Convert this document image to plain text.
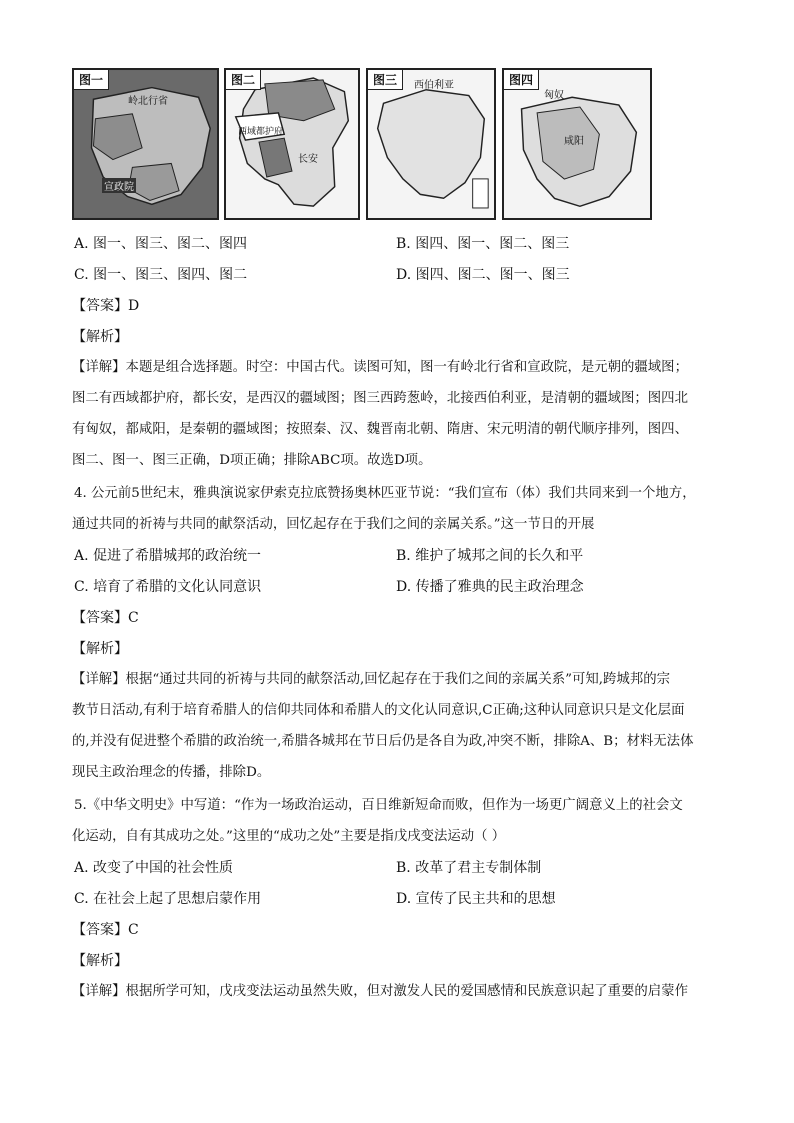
图一
岭北行省
宣政院
图二
西域都护府
长安
图三	西伯利亚	图四
匈奴
咸阳
A. 图一、图三、图二、图四	B. 图四、图一、图二、图三
C. 图一、图三、图四、图二	D. 图四、图二、图一、图三
【答案】D
【解析】
【详解】本题是组合选择题。时空：中国古代。读图可知，图一有岭北行省和宣政院，是元朝的疆域图；
图二有西域都护府，都长安，是西汉的疆域图；图三西跨葱岭，北接西伯利亚，是清朝的疆域图；图四北
有匈奴，都咸阳，是秦朝的疆域图；按照秦、汉、魏晋南北朝、隋唐、宋元明清的朝代顺序排列，图四、
图二、图一、图三正确，D项正确；排除ABC项。故选D项。
4. 公元前5世纪末，雅典演说家伊索克拉底赞扬奥林匹亚节说：“我们宣布（体）我们共同来到一个地方，
通过共同的祈祷与共同的献祭活动，回忆起存在于我们之间的亲属关系。”这一节日的开展
A. 促进了希腊城邦的政治统一	B. 维护了城邦之间的长久和平
C. 培育了希腊的文化认同意识	D. 传播了雅典的民主政治理念
【答案】C
【解析】
【详解】根据“通过共同的祈祷与共同的献祭活动,回忆起存在于我们之间的亲属关系”可知,跨城邦的宗
教节日活动,有利于培育希腊人的信仰共同体和希腊人的文化认同意识,C正确;这种认同意识只是文化层面
的,并没有促进整个希腊的政治统一,希腊各城邦在节日后仍是各自为政,冲突不断，排除A、B；材料无法体
现民主政治理念的传播，排除D。
5.《中华文明史》中写道：“作为一场政治运动，百日维新短命而败，但作为一场更广阔意义上的社会文
化运动，自有其成功之处。”这里的“成功之处”主要是指戊戌变法运动（ ）
A. 改变了中国的社会性质	B. 改革了君主专制体制
C. 在社会上起了思想启蒙作用	D. 宣传了民主共和的思想
【答案】C
【解析】
【详解】根据所学可知，戊戌变法运动虽然失败，但对激发人民的爱国感情和民族意识起了重要的启蒙作
